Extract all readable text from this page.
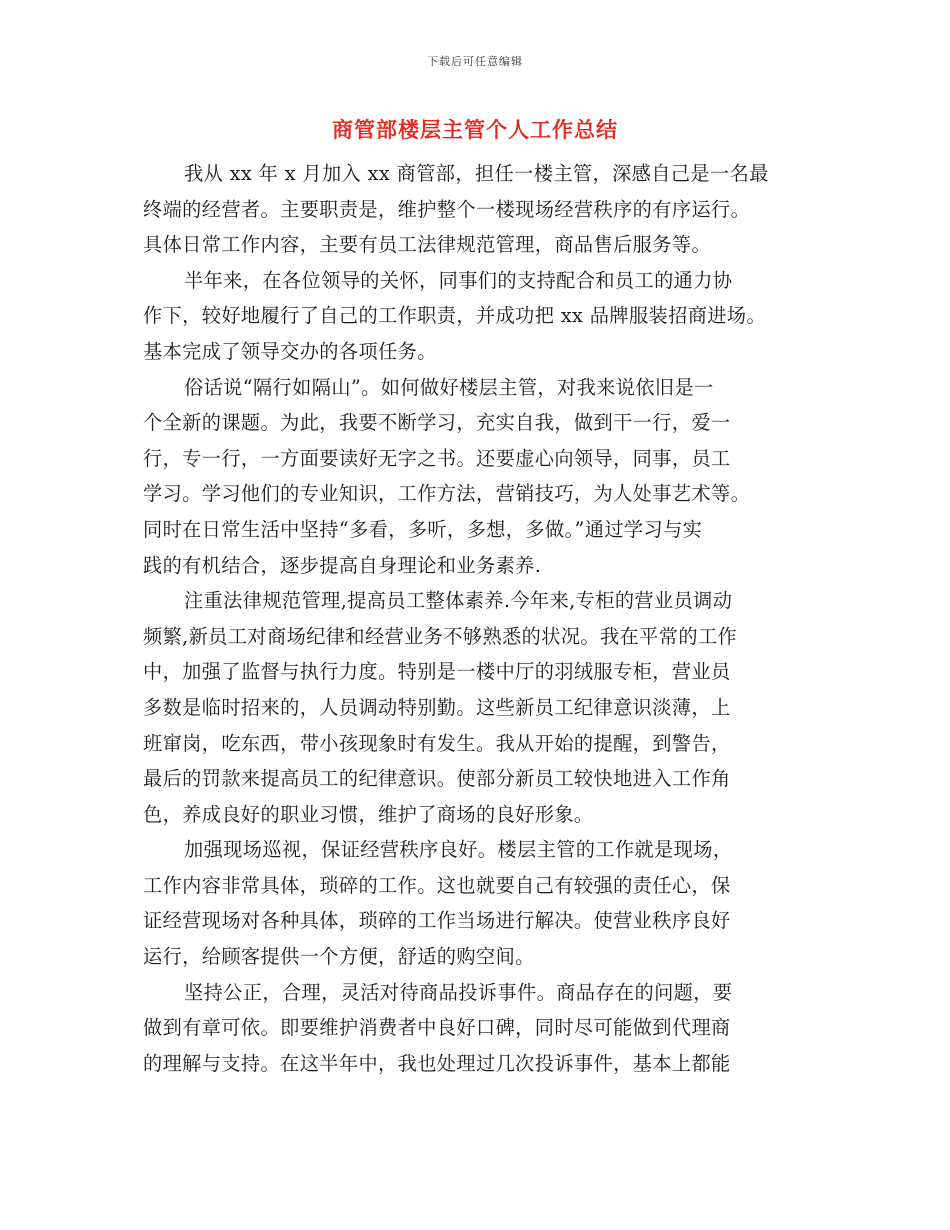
下载后可任意编辑
商管部楼层主管个人工作总结
我从 xx 年 x 月加入 xx 商管部，担任一楼主管，深感自己是一名最
终端的经营者。主要职责是，维护整个一楼现场经营秩序的有序运行。
具体日常工作内容，主要有员工法律规范管理，商品售后服务等。
半年来，在各位领导的关怀，同事们的支持配合和员工的通力协
作下，较好地履行了自己的工作职责，并成功把 xx 品牌服装招商进场。
基本完成了领导交办的各项任务。
俗话说“隔行如隔山”。如何做好楼层主管，对我来说依旧是一
个全新的课题。为此，我要不断学习，充实自我，做到干一行，爱一
行，专一行，一方面要读好无字之书。还要虚心向领导，同事，员工
学习。学习他们的专业知识，工作方法，营销技巧，为人处事艺术等。
同时在日常生活中坚持“多看，多听，多想，多做。”通过学习与实
践的有机结合，逐步提高自身理论和业务素养.
注重法律规范管理,提高员工整体素养.今年来,专柜的营业员调动
频繁,新员工对商场纪律和经营业务不够熟悉的状况。我在平常的工作
中，加强了监督与执行力度。特别是一楼中厅的羽绒服专柜，营业员
多数是临时招来的，人员调动特别勤。这些新员工纪律意识淡薄，上
班窜岗，吃东西，带小孩现象时有发生。我从开始的提醒，到警告，
最后的罚款来提高员工的纪律意识。使部分新员工较快地进入工作角
色，养成良好的职业习惯，维护了商场的良好形象。
加强现场巡视，保证经营秩序良好。楼层主管的工作就是现场，
工作内容非常具体，琐碎的工作。这也就要自己有较强的责任心，保
证经营现场对各种具体，琐碎的工作当场进行解决。使营业秩序良好
运行，给顾客提供一个方便，舒适的购空间。
坚持公正，合理，灵活对待商品投诉事件。商品存在的问题，要
做到有章可依。即要维护消费者中良好口碑，同时尽可能做到代理商
的理解与支持。在这半年中，我也处理过几次投诉事件，基本上都能
